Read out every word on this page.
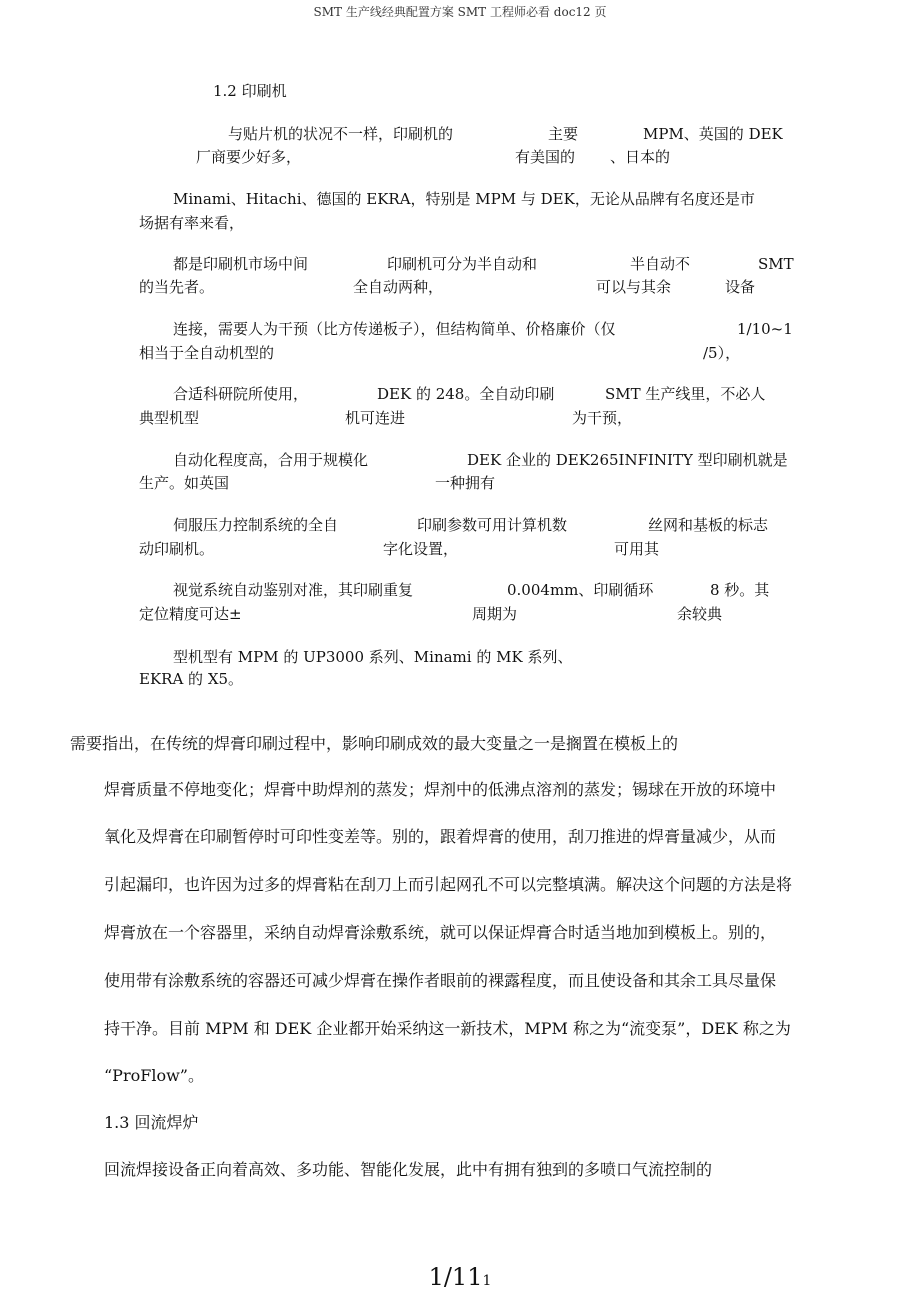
SMT 生产线经典配置方案 SMT 工程师必看 doc12 页
1.2 印刷机
与贴片机的状况不一样，印刷机的	主要	MPM、英国的 DEK
厂商要少好多，	有美国的 、日本的
Minami、Hitachi、德国的 EKRA，特别是 MPM 与 DEK，无论从品牌有名度还是市
场据有率来看，
都是印刷机市场中间	印刷机可分为半自动和	半自动不	SMT
的当先者。	全自动两种，	可以与其余	设备
连接，需要人为干预（比方传递板子），但结构简单、价格廉价（仅	1/10~1
相当于全自动机型的	/5），
合适科研院所使用，	DEK 的 248。全自动印刷	SMT 生产线里，不必人
典型机型	机可连进	为干预，
自动化程度高，合用于规模化	DEK 企业的 DEK265INFINITY 型印刷机就是
生产。如英国	一种拥有
伺服压力控制系统的全自	印刷参数可用计算机数	丝网和基板的标志
动印刷机。	字化设置，	可用其
视觉系统自动鉴别对准，其印刷重复	0.004mm、印刷循环	8 秒。其
定位精度可达±	周期为	余较典
型机型有 MPM 的 UP3000 系列、Minami 的 MK 系列、
EKRA 的 X5。
需要指出，在传统的焊膏印刷过程中，影响印刷成效的最大变量之一是搁置在模板上的
焊膏质量不停地变化；焊膏中助焊剂的蒸发；焊剂中的低沸点溶剂的蒸发；锡球在开放的环境中
氧化及焊膏在印刷暂停时可印性变差等。别的，跟着焊膏的使用，刮刀推进的焊膏量减少，从而
引起漏印，也许因为过多的焊膏粘在刮刀上而引起网孔不可以完整填满。解决这个问题的方法是将
焊膏放在一个容器里，采纳自动焊膏涂敷系统，就可以保证焊膏合时适当地加到模板上。别的，
使用带有涂敷系统的容器还可减少焊膏在操作者眼前的裸露程度，而且使设备和其余工具尽量保
持干净。目前 MPM 和 DEK 企业都开始采纳这一新技术，MPM 称之为“流变泵”，DEK 称之为
“ProFlow”。
1.3 回流焊炉
回流焊接设备正向着高效、多功能、智能化发展，此中有拥有独到的多喷口气流控制的
1/111
